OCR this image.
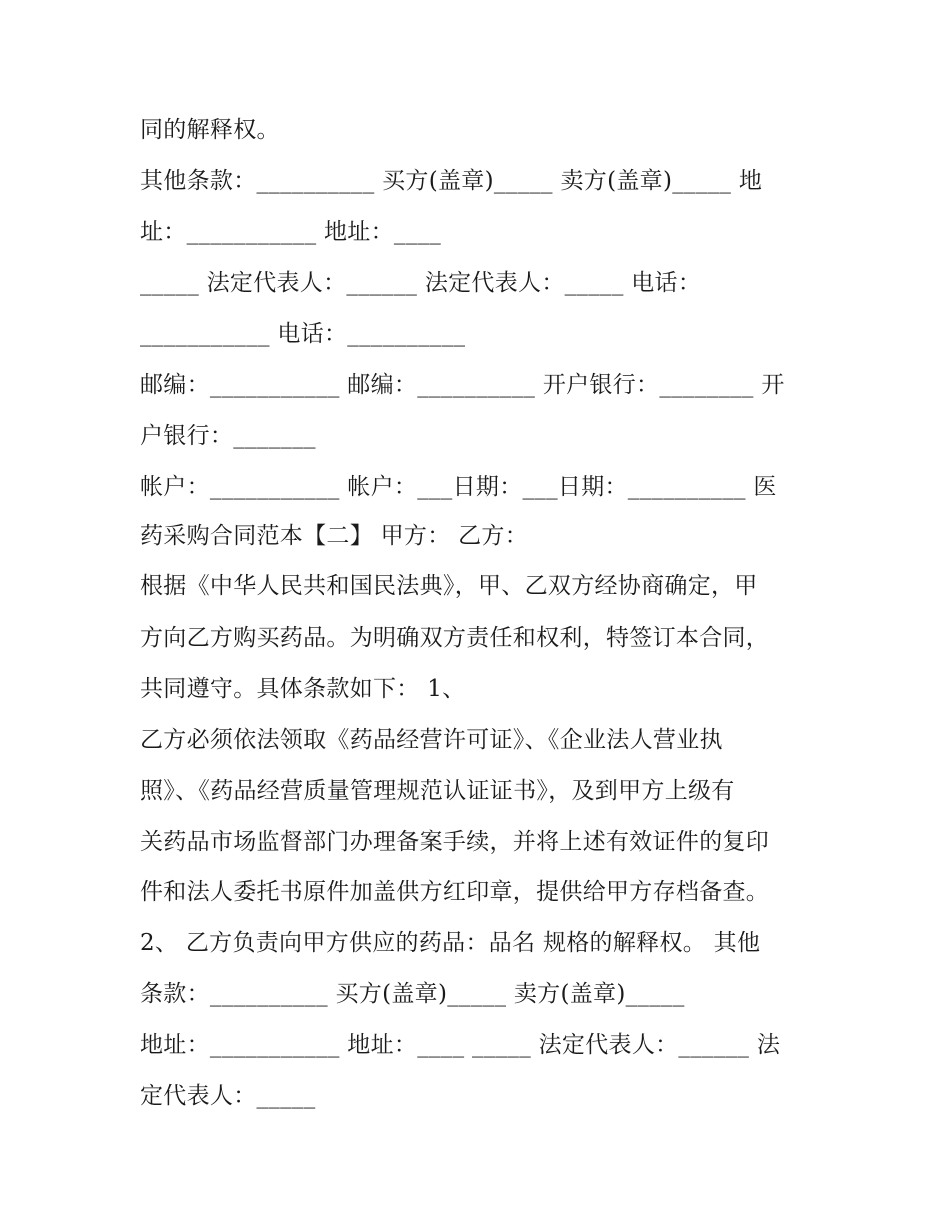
同的解释权。
其他条款：__________ 买方(盖章)_____ 卖方(盖章)_____ 地
址：___________ 地址：____
_____ 法定代表人：______ 法定代表人：_____ 电话：
___________ 电话：__________
邮编：___________ 邮编：__________ 开户银行：________ 开
户银行：_______
帐户：___________ 帐户：___日期：___日期：__________ 医
药采购合同范本【二】 甲方： 乙方：
根据《中华人民共和国民法典》，甲、乙双方经协商确定，甲
方向乙方购买药品。为明确双方责任和权利，特签订本合同，
共同遵守。具体条款如下： 1、
乙方必须依法领取《药品经营许可证》、《企业法人营业执
照》、《药品经营质量管理规范认证证书》，及到甲方上级有
关药品市场监督部门办理备案手续，并将上述有效证件的复印
件和法人委托书原件加盖供方红印章，提供给甲方存档备查。
2、 乙方负责向甲方供应的药品：品名 规格的解释权。 其他
条款：__________ 买方(盖章)_____ 卖方(盖章)_____
地址：___________ 地址：____ _____ 法定代表人：______ 法
定代表人：_____
